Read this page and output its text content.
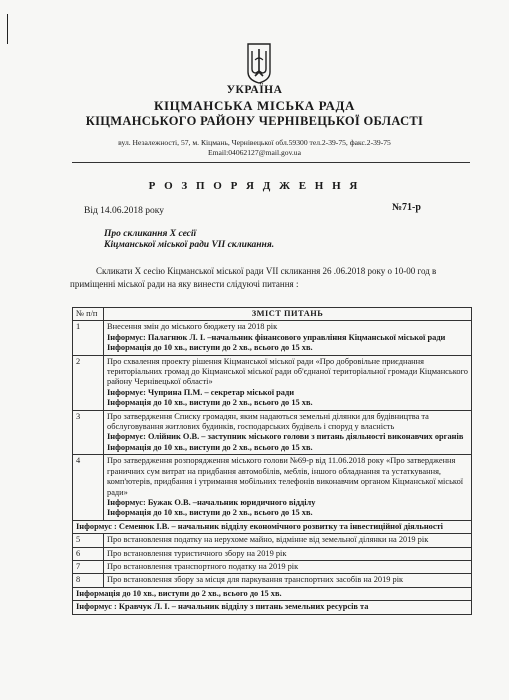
УКРАЇНА
КІЦМАНСЬКА МІСЬКА РАДА
КІЦМАНСЬКОГО РАЙОНУ ЧЕРНІВЕЦЬКОЇ ОБЛАСТІ
вул. Незалежності, 57, м. Кіцмань, Чернівецької обл.59300 тел.2-39-75, факс.2-39-75
Email:04062127@mail.gov.ua
Р О З П О Р Я Д Ж Е Н Н Я
Від 14.06.2018 року	№71-р
Про скликання Х сесії
Кіцманської міської ради VII скликання.
Скликати Х сесію Кіцманської міської ради VII скликання 26 .06.2018 року о 10-00 год в приміщенні міської ради на яку винести слідуючі питання :
№ п/п	ЗМІСТ ПИТАНЬ
1	Внесення змін до міського бюджету на 2018 рік
Інформус: Палагнюк Л. І. –начальник фінансового управління Кіцманської міської ради
Інформація до 10 хв., виступи до 2 хв., всього до 15 хв.

2	Про схвалення проекту рішення Кіцманської міської ради «Про добровільне приєднання територіальних громад до Кіцманської міської ради об'єднаної територіальної громади Кіцманського району Чернівецької області»
Інформує: Чуприна П.М. – секретар міської ради
Інформація до 10 хв., виступи до 2 хв., всього до 15 хв.

3	Про затвердження Списку громадян, яким надаються земельні ділянки для будівництва та обслуговування житлових будинків, господарських будівель і споруд у власність
Інформує: Олійник О.В. – заступник міського голови з питань діяльності виконавчих органів
Інформація до 10 хв., виступи до 2 хв., всього до 15 хв.

4	Про затвердження розпорядження міського голови №69-р від 11.06.2018 року «Про затвердження граничних сум витрат на придбання автомобілів, меблів, іншого обладнання та устаткування, комп'ютерів, придбання і утримання мобільних телефонів виконавчим органом Кіцманської міської ради»
Інформус: Бужак О.В. –начальник юридичного відділу
Інформація до 10 хв., виступи до 2 хв., всього до 15 хв.

Інформус : Семенюк І.В. – начальник відділу економічного розвитку та інвестиційної діяльності	
5	Про встановлення податку на нерухоме майно, відмінне від земельної ділянки на 2019 рік
6	Про встановлення туристичного збору на 2019 рік
7	Про встановлення транспортного податку на 2019 рік
8	Про встановлення збору за місця для паркування транспортних засобів на 2019 рік
Інформація до 10 хв., виступи до 2 хв., всього до 15 хв.	
Інформус : Кравчук Л. І. – начальник відділу з питань земельних ресурсів та	
